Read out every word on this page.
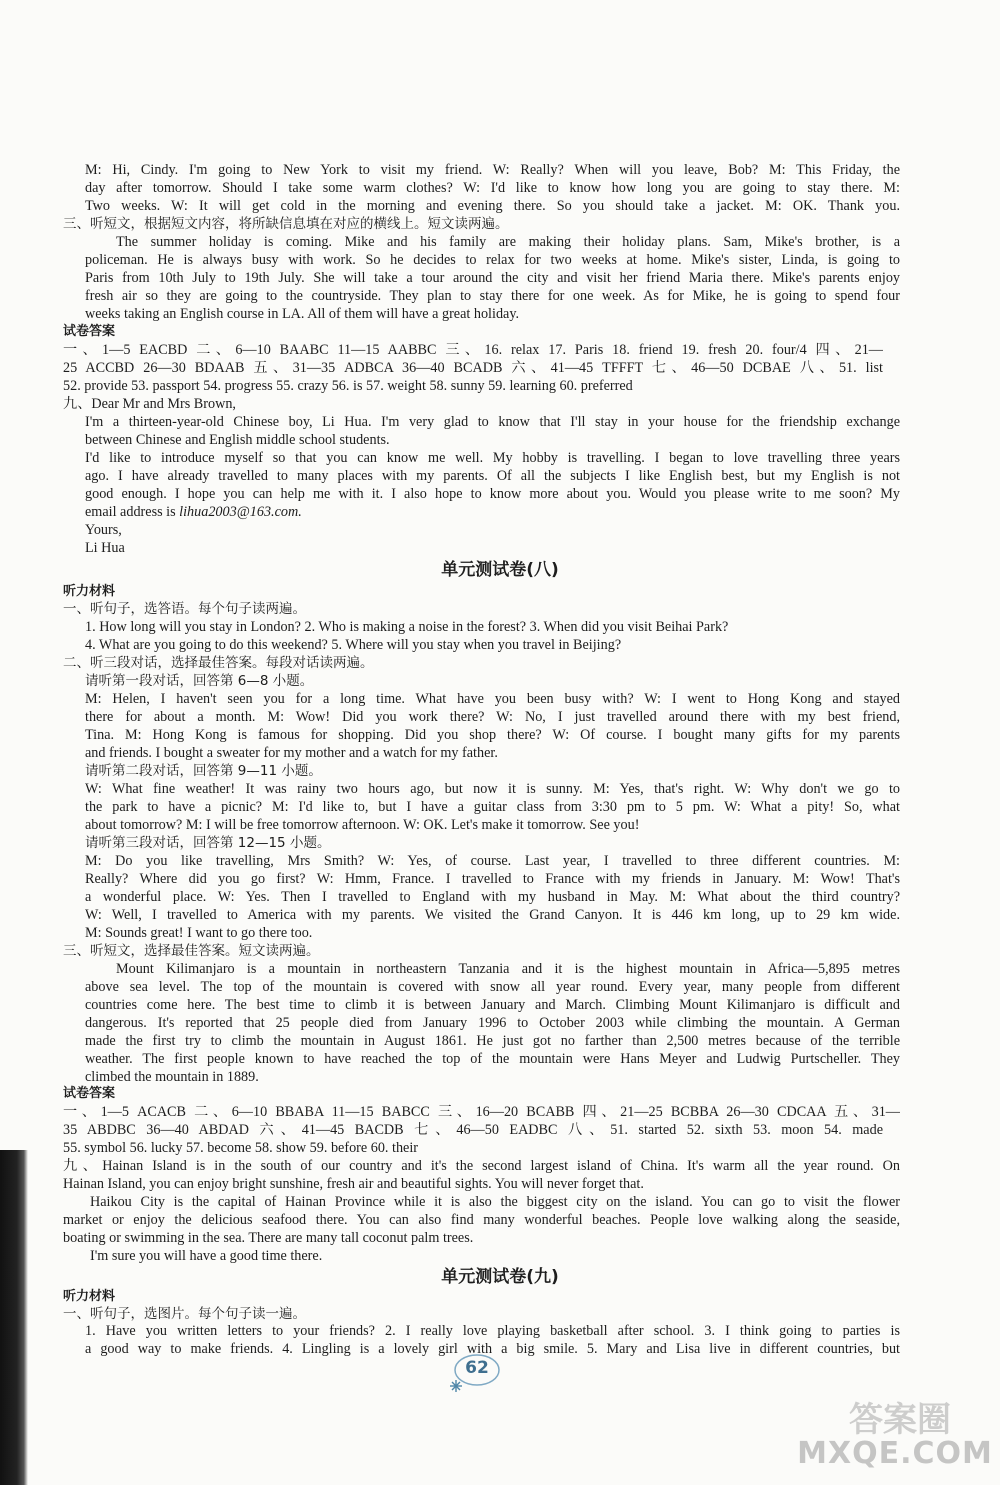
M: Hi, Cindy. I'm going to New York to visit my friend. W: Really? When will you leave, Bob? M: This Friday, the
day after tomorrow. Should I take some warm clothes? W: I'd like to know how long you are going to stay there. M:
Two weeks. W: It will get cold in the morning and evening there. So you should take a jacket. M: OK. Thank you.
三、听短文，根据短文内容，将所缺信息填在对应的横线上。短文读两遍。
The summer holiday is coming. Mike and his family are making their holiday plans. Sam, Mike's brother, is a
policeman. He is always busy with work. So he decides to relax for two weeks at home. Mike's sister, Linda, is going to
Paris from 10th July to 19th July. She will take a tour around the city and visit her friend Maria there. Mike's parents enjoy
fresh air so they are going to the countryside. They plan to stay there for one week. As for Mike, he is going to spend four
weeks taking an English course in LA. All of them will have a great holiday.
试卷答案
一、1—5 EACBD 二、6—10 BAABC 11—15 AABBC 三、16. relax 17. Paris 18. friend 19. fresh 20. four/4 四、21—
25 ACCBD 26—30 BDAAB 五、31—35 ADBCA 36—40 BCADB 六、41—45 TFFFT 七、46—50 DCBAE 八、51. list
52. provide 53. passport 54. progress 55. crazy 56. is 57. weight 58. sunny 59. learning 60. preferred
九、Dear Mr and Mrs Brown,
I'm a thirteen-year-old Chinese boy, Li Hua. I'm very glad to know that I'll stay in your house for the friendship exchange
between Chinese and English middle school students.
I'd like to introduce myself so that you can know me well. My hobby is travelling. I began to love travelling three years
ago. I have already travelled to many places with my parents. Of all the subjects I like English best, but my English is not
good enough. I hope you can help me with it. I also hope to know more about you. Would you please write to me soon? My
email address is lihua2003@163.com.
Yours,
Li Hua
单元测试卷(八)
听力材料
一、听句子，选答语。每个句子读两遍。
1. How long will you stay in London? 2. Who is making a noise in the forest? 3. When did you visit Beihai Park?
4. What are you going to do this weekend? 5. Where will you stay when you travel in Beijing?
二、听三段对话，选择最佳答案。每段对话读两遍。
请听第一段对话，回答第 6—8 小题。
M: Helen, I haven't seen you for a long time. What have you been busy with? W: I went to Hong Kong and stayed
there for about a month. M: Wow! Did you work there? W: No, I just travelled around there with my best friend,
Tina. M: Hong Kong is famous for shopping. Did you shop there? W: Of course. I bought many gifts for my parents
and friends. I bought a sweater for my mother and a watch for my father.
请听第二段对话，回答第 9—11 小题。
W: What fine weather! It was rainy two hours ago, but now it is sunny. M: Yes, that's right. W: Why don't we go to
the park to have a picnic? M: I'd like to, but I have a guitar class from 3:30 pm to 5 pm. W: What a pity! So, what
about tomorrow? M: I will be free tomorrow afternoon. W: OK. Let's make it tomorrow. See you!
请听第三段对话，回答第 12—15 小题。
M: Do you like travelling, Mrs Smith? W: Yes, of course. Last year, I travelled to three different countries. M:
Really? Where did you go first? W: Hmm, France. I travelled to France with my friends in January. M: Wow! That's
a wonderful place. W: Yes. Then I travelled to England with my husband in May. M: What about the third country?
W: Well, I travelled to America with my parents. We visited the Grand Canyon. It is 446 km long, up to 29 km wide.
M: Sounds great! I want to go there too.
三、听短文，选择最佳答案。短文读两遍。
Mount Kilimanjaro is a mountain in northeastern Tanzania and it is the highest mountain in Africa—5,895 metres
above sea level. The top of the mountain is covered with snow all year round. Every year, many people from different
countries come here. The best time to climb it is between January and March. Climbing Mount Kilimanjaro is difficult and
dangerous. It's reported that 25 people died from January 1996 to October 2003 while climbing the mountain. A German
made the first try to climb the mountain in August 1861. He just got no farther than 2,500 metres because of the terrible
weather. The first people known to have reached the top of the mountain were Hans Meyer and Ludwig Purtscheller. They
climbed the mountain in 1889.
试卷答案
一、1—5 ACACB 二、6—10 BBABA 11—15 BABCC 三、16—20 BCABB 四、21—25 BCBBA 26—30 CDCAA 五、31—
35 ABDBC 36—40 ABDAD 六、41—45 BACDB 七、46—50 EADBC 八、51. started 52. sixth 53. moon 54. made
55. symbol 56. lucky 57. become 58. show 59. before 60. their
九、Hainan Island is in the south of our country and it's the second largest island of China. It's warm all the year round. On
Hainan Island, you can enjoy bright sunshine, fresh air and beautiful sights. You will never forget that.
Haikou City is the capital of Hainan Province while it is also the biggest city on the island. You can go to visit the flower
market or enjoy the delicious seafood there. You can also find many wonderful beaches. People love walking along the seaside,
boating or swimming in the sea. There are many tall coconut palm trees.
I'm sure you will have a good time there.
单元测试卷(九)
听力材料
一、听句子，选图片。每个句子读一遍。
1. Have you written letters to your friends? 2. I really love playing basketball after school. 3. I think going to parties is
a good way to make friends. 4. Lingling is a lovely girl with a big smile. 5. Mary and Lisa live in different countries, but
62
答案圈
MXQE.COM
